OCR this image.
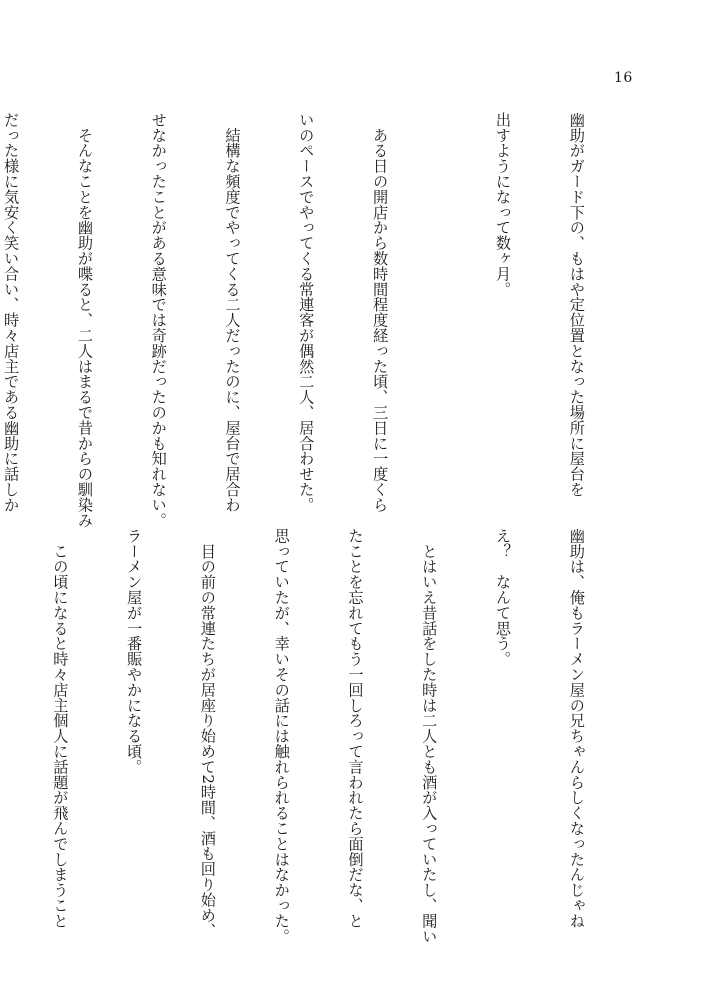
16

幽助がガード下の、もはや定位置となった場所に屋台を

出すようになって数ヶ月。

　ある日の開店から数時間程度経った頃、三日に一度くら

いのペースでやってくる常連客が偶然二人、居合わせた。

　結構な頻度でやってくる二人だったのに、屋台で居合わ

せなかったことがある意味では奇跡だったのかも知れない。

　そんなことを幽助が喋ると、二人はまるで昔からの馴染み

だった様に気安く笑い合い、時々店主である幽助に話しか

幽助は、俺もラーメン屋の兄ちゃんらしくなったんじゃね

え？　なんて思う。

　とはいえ昔話をした時は二人とも酒が入っていたし、聞い

たことを忘れてもう一回しろって言われたら面倒だな、と

思っていたが、幸いその話には触れられることはなかった。

　目の前の常連たちが居座り始めて2時間、酒も回り始め、

ラーメン屋が一番賑やかになる頃。

　この頃になると時々店主個人に話題が飛んでしまうこと
